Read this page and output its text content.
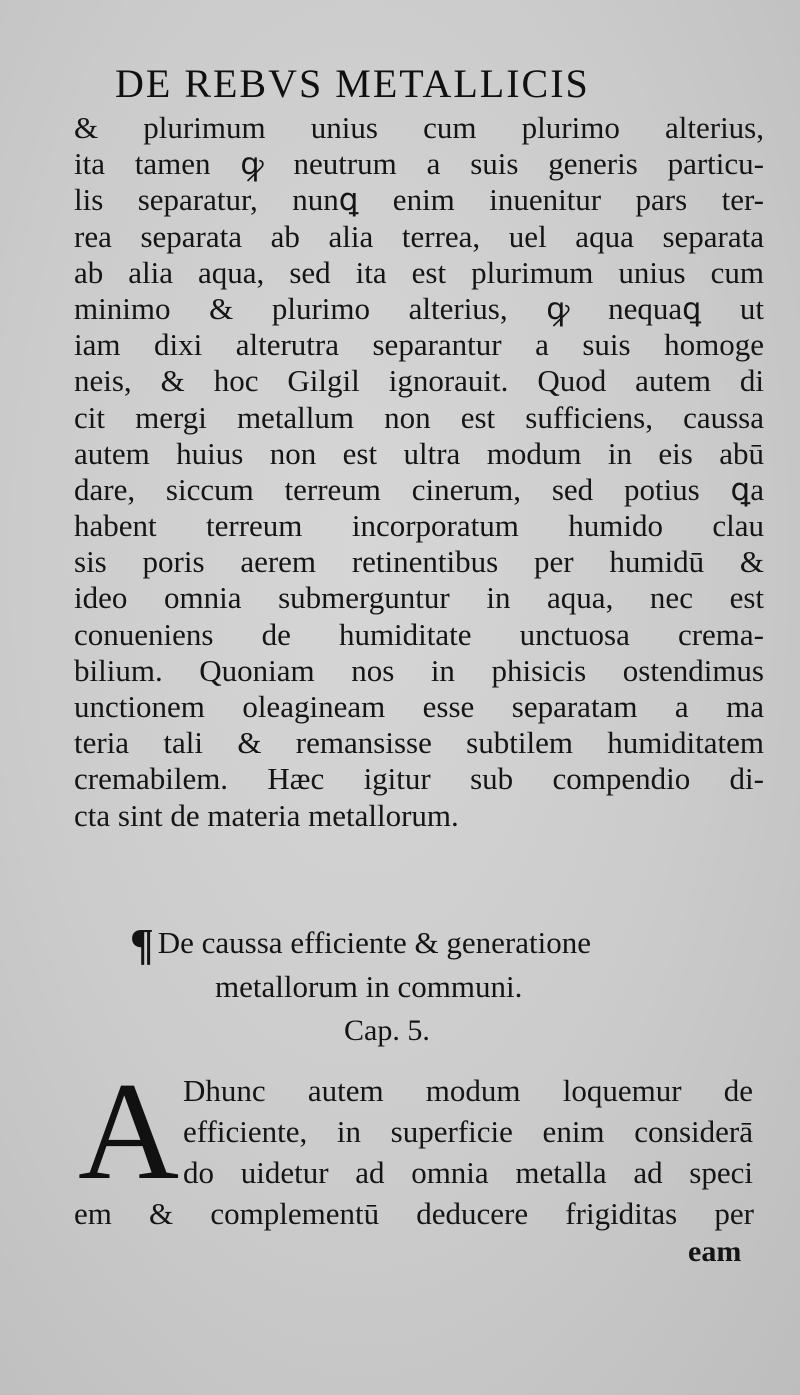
DE REBVS METALLICIS
& plurimum unius cum plurimo alterius,
ita tamen ꝙ neutrum a suis generis particu-
lis separatur, nunꝗ enim inuenitur pars ter-
rea separata ab alia terrea, uel aqua separata
ab alia aqua, sed ita est plurimum unius cum
minimo & plurimo alterius, ꝙ nequaꝗ ut
iam dixi alterutra separantur a suis homoge
neis, & hoc Gilgil ignorauit. Quod autem di
cit mergi metallum non est sufficiens, caussa
autem huius non est ultra modum in eis abū
dare, siccum terreum cinerum, sed potius ꝗa
habent terreum incorporatum humido clau
sis poris aerem retinentibus per humidū &
ideo omnia submerguntur in aqua, nec est
conueniens de humiditate unctuosa crema-
bilium. Quoniam nos in phisicis ostendimus
unctionem oleagineam esse separatam a ma
teria tali & remansisse subtilem humiditatem
cremabilem. Hæc igitur sub compendio di-
cta sint de materia metallorum.
¶ De caussa efficiente & generatione
metallorum in communi.
Cap. 5.
A Dhunc autem modum loquemur de
efficiente, in superficie enim considerā
do uidetur ad omnia metalla ad speci
em & complementū deducere frigiditas per
eam
